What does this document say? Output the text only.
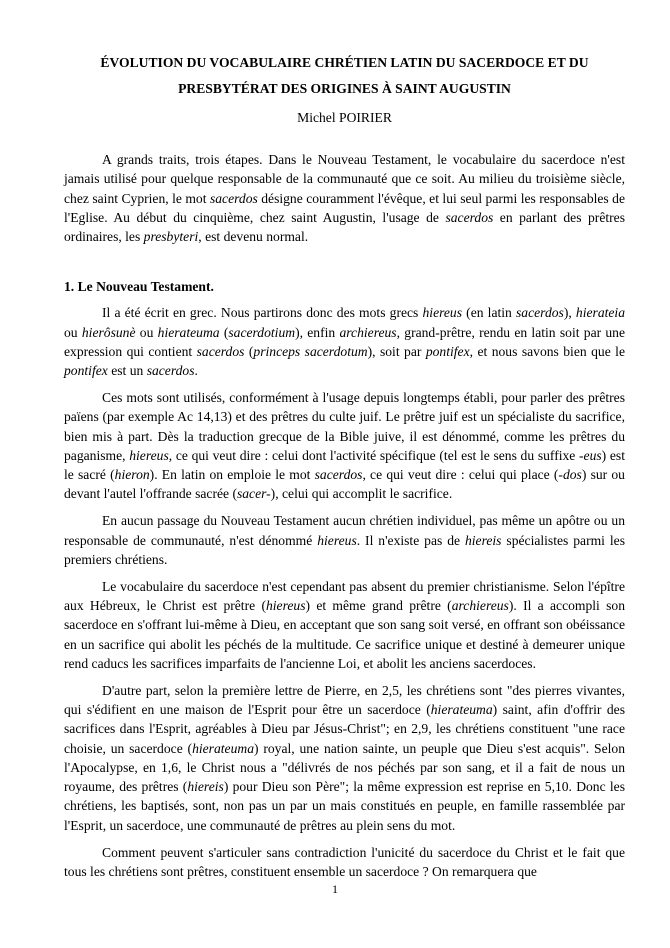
ÉVOLUTION DU VOCABULAIRE CHRÉTIEN LATIN DU SACERDOCE ET DU
PRESBYTÉRAT DES ORIGINES À SAINT AUGUSTIN
Michel POIRIER

A grands traits, trois étapes. Dans le Nouveau Testament, le vocabulaire du sacerdoce n'est jamais utilisé pour quelque responsable de la communauté que ce soit. Au milieu du troisième siècle, chez saint Cyprien, le mot sacerdos désigne couramment l'évêque, et lui seul parmi les responsables de l'Eglise. Au début du cinquième, chez saint Augustin, l'usage de sacerdos en parlant des prêtres ordinaires, les presbyteri, est devenu normal.

1. Le Nouveau Testament.

Il a été écrit en grec. Nous partirons donc des mots grecs hiereus (en latin sacerdos), hierateia ou hierôsunè ou hierateuma (sacerdotium), enfin archiereus, grand-prêtre, rendu en latin soit par une expression qui contient sacerdos (princeps sacerdotum), soit par pontifex, et nous savons bien que le pontifex est un sacerdos.

Ces mots sont utilisés, conformément à l'usage depuis longtemps établi, pour parler des prêtres païens (par exemple Ac 14,13) et des prêtres du culte juif. Le prêtre juif est un spécialiste du sacrifice, bien mis à part. Dès la traduction grecque de la Bible juive, il est dénommé, comme les prêtres du paganisme, hiereus, ce qui veut dire : celui dont l'activité spécifique (tel est le sens du suffixe -eus) est le sacré (hieron). En latin on emploie le mot sacerdos, ce qui veut dire : celui qui place (-dos) sur ou devant l'autel l'offrande sacrée (sacer-), celui qui accomplit le sacrifice.

En aucun passage du Nouveau Testament aucun chrétien individuel, pas même un apôtre ou un responsable de communauté, n'est dénommé hiereus. Il n'existe pas de hiereis spécialistes parmi les premiers chrétiens.

Le vocabulaire du sacerdoce n'est cependant pas absent du premier christianisme. Selon l'épître aux Hébreux, le Christ est prêtre (hiereus) et même grand prêtre (archiereus). Il a accompli son sacerdoce en s'offrant lui-même à Dieu, en acceptant que son sang soit versé, en offrant son obéissance en un sacrifice qui abolit les péchés de la multitude. Ce sacrifice unique et destiné à demeurer unique rend caducs les sacrifices imparfaits de l'ancienne Loi, et abolit les anciens sacerdoces.

D'autre part, selon la première lettre de Pierre, en 2,5, les chrétiens sont "des pierres vivantes, qui s'édifient en une maison de l'Esprit pour être un sacerdoce (hierateuma) saint, afin d'offrir des sacrifices dans l'Esprit, agréables à Dieu par Jésus-Christ"; en 2,9, les chrétiens constituent "une race choisie, un sacerdoce (hierateuma) royal, une nation sainte, un peuple que Dieu s'est acquis". Selon l'Apocalypse, en 1,6, le Christ nous a "délivrés de nos péchés par son sang, et il a fait de nous un royaume, des prêtres (hiereis) pour Dieu son Père"; la même expression est reprise en 5,10. Donc les chrétiens, les baptisés, sont, non pas un par un mais constitués en peuple, en famille rassemblée par l'Esprit, un sacerdoce, une communauté de prêtres au plein sens du mot.

Comment peuvent s'articuler sans contradiction l'unicité du sacerdoce du Christ et le fait que tous les chrétiens sont prêtres, constituent ensemble un sacerdoce ? On remarquera que

1
